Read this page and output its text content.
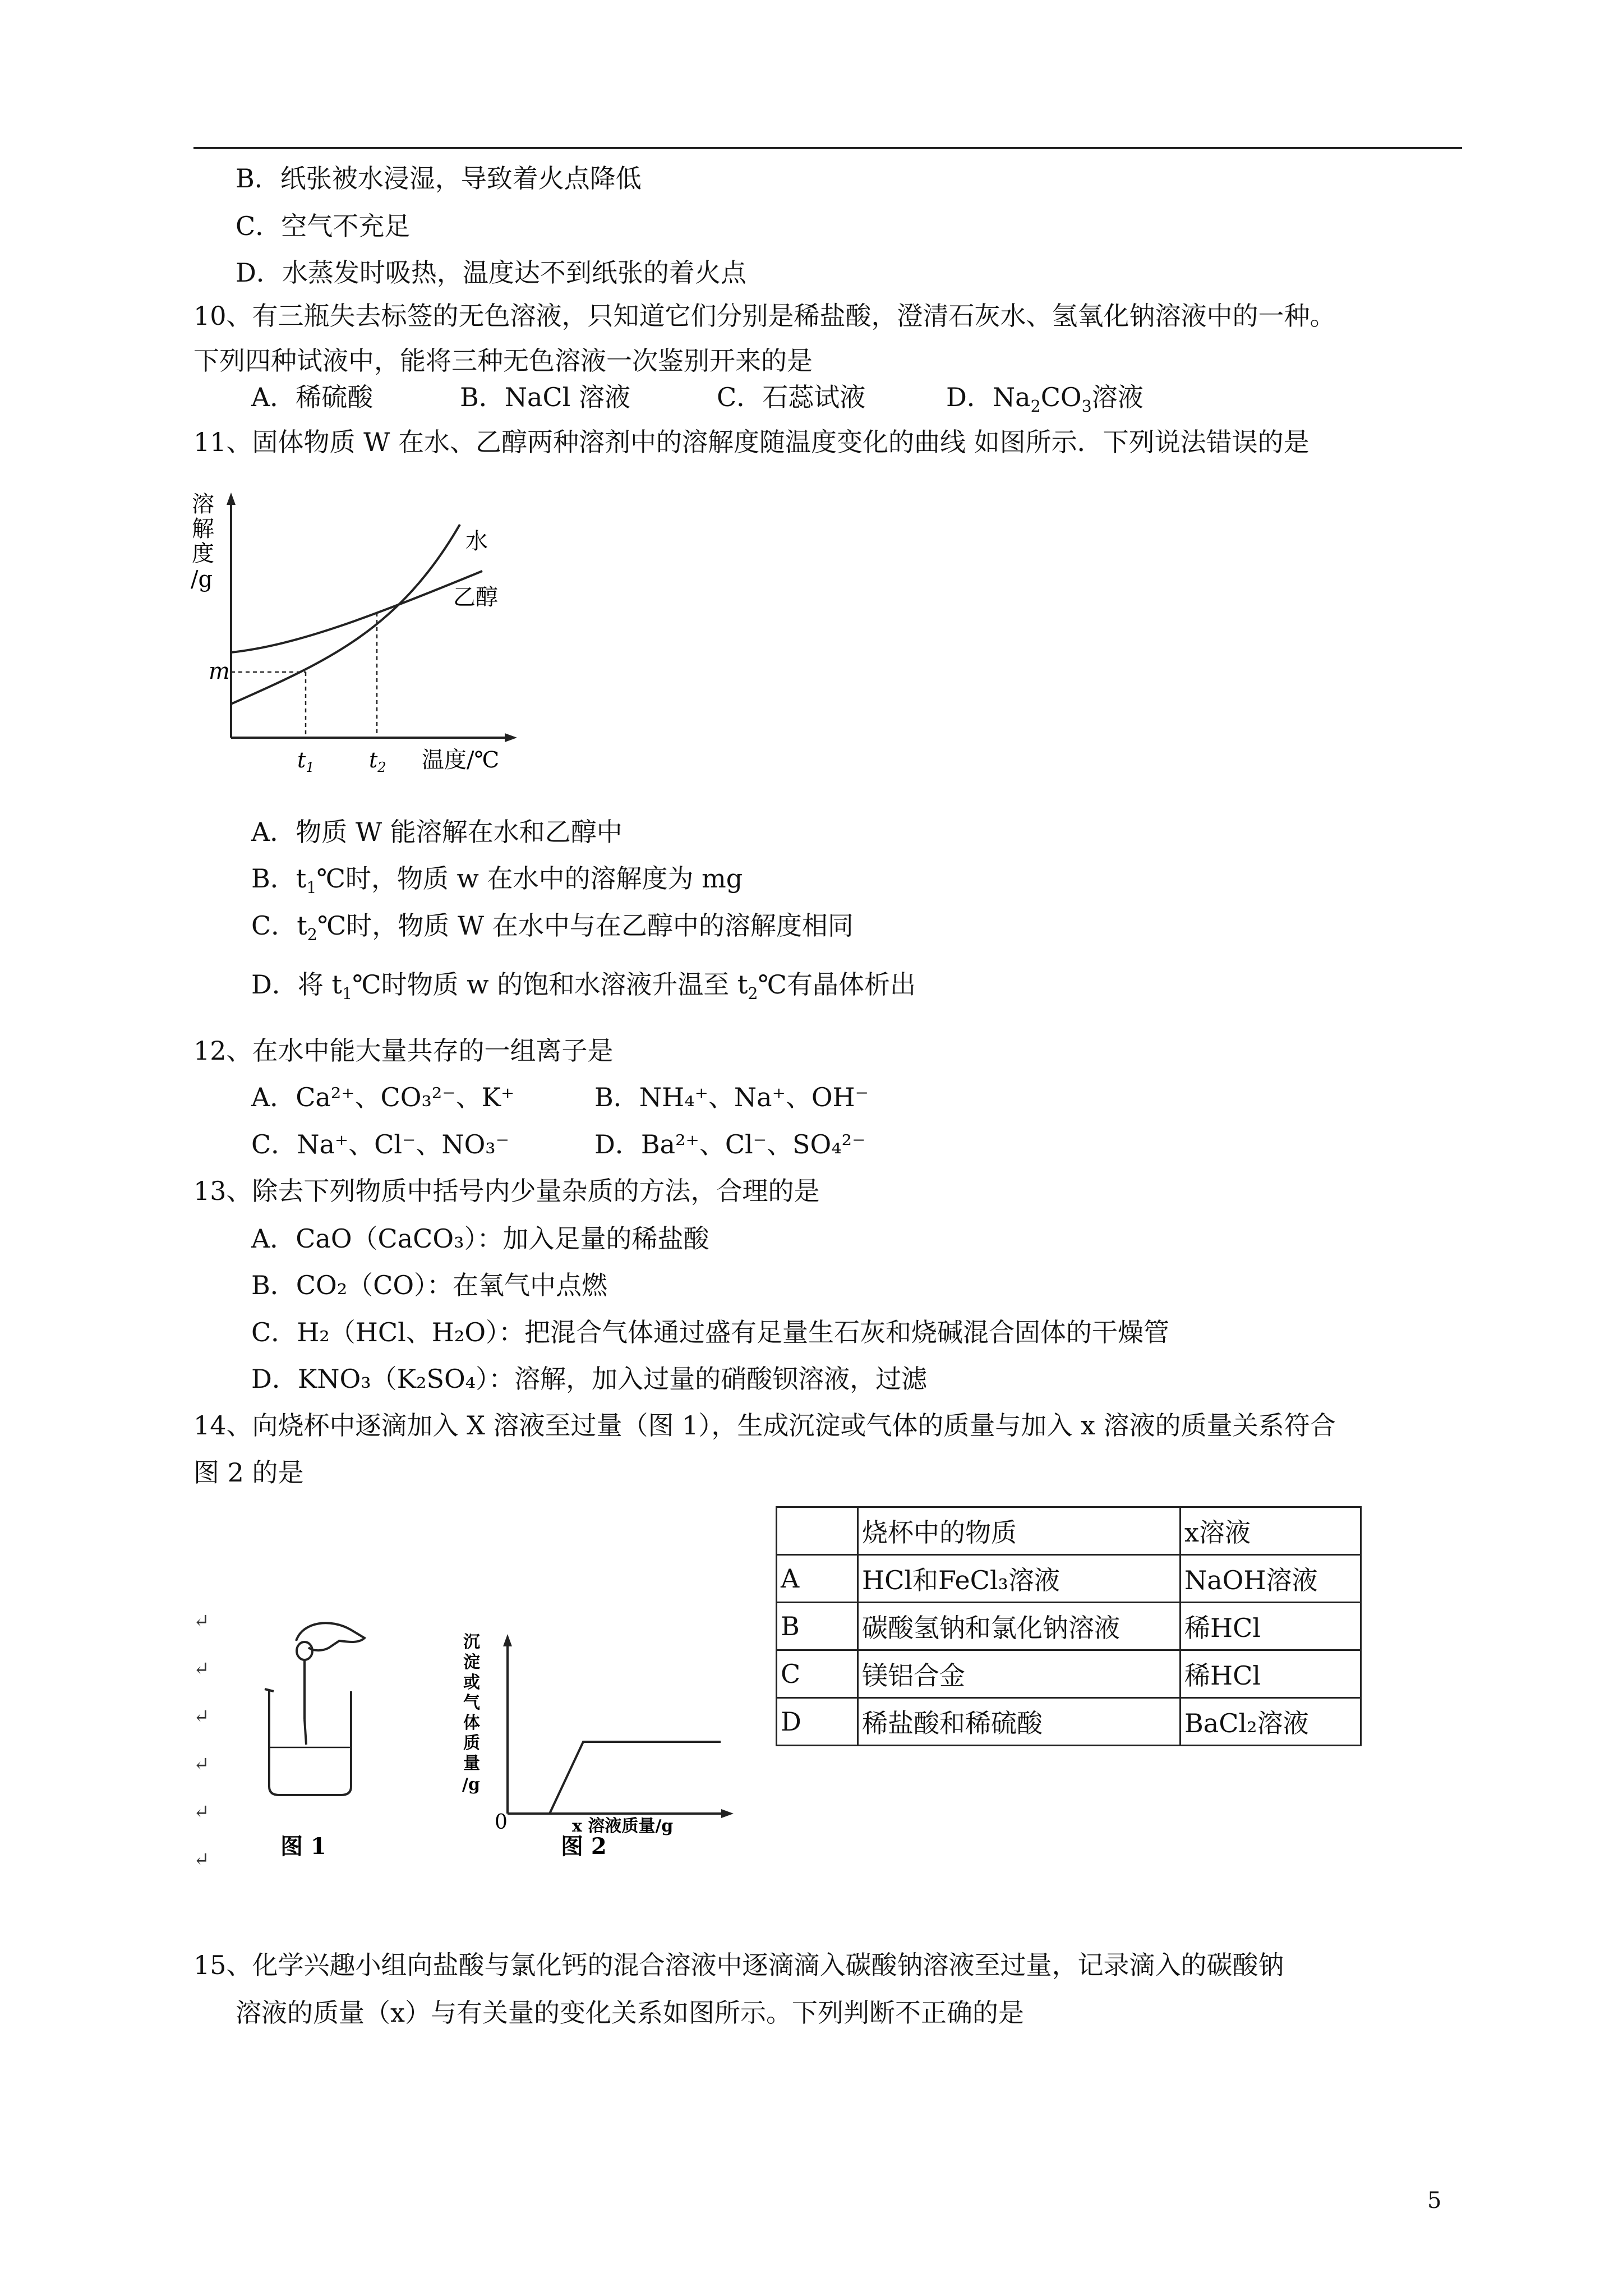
B．纸张被水浸湿，导致着火点降低
C．空气不充足
D．水蒸发时吸热，温度达不到纸张的着火点
10、有三瓶失去标签的无色溶液，只知道它们分别是稀盐酸，澄清石灰水、氢氧化钠溶液中的一种。
下列四种试液中，能将三种无色溶液一次鉴别开来的是
A．稀硫酸	B．NaCl 溶液	C．石蕊试液	D．$Na_2CO_3$溶液
11、固体物质 W 在水、乙醇两种溶剂中的溶解度随温度变化的曲线 如图所示．下列说法错误的是
溶
解
度
/g
水
乙醇
m
$t_1$	$t_2$ 温度/℃
A．物质 W 能溶解在水和乙醇中
B．$t_1℃$时，物质 w 在水中的溶解度为 mg
C．$t_2℃$时，物质 W 在水中与在乙醇中的溶解度相同
D．将 $t_1℃$时物质 w 的饱和水溶液升温至 $t_2℃$有晶体析出
12、在水中能大量共存的一组离子是
A．Ca²⁺、CO₃²⁻、K⁺	B．NH₄⁺、Na⁺、OH⁻
C．Na⁺、Cl⁻、NO₃⁻	D．Ba²⁺、Cl⁻、SO₄²⁻
13、除去下列物质中括号内少量杂质的方法，合理的是
A．CaO（CaCO₃）：加入足量的稀盐酸
B．CO₂（CO）：在氧气中点燃
C．H₂（HCl、H₂O）：把混合气体通过盛有足量生石灰和烧碱混合固体的干燥管
D．KNO₃（K₂SO₄）：溶解，加入过量的硝酸钡溶液，过滤
14、向烧杯中逐滴加入 X 溶液至过量（图 1），生成沉淀或气体的质量与加入 x 溶液的质量关系符合
图 2 的是
↵
↵
↵
↵
↵
↵	图 1
沉
淀
或
气
体
质
量
/g
0	x 溶液质量/g
图 2
	烧杯中的物质	x溶液
A	HCl和FeCl₃溶液	NaOH溶液
B	碳酸氢钠和氯化钠溶液	稀HCl
C	镁铝合金	稀HCl
D	稀盐酸和稀硫酸	BaCl₂溶液
15、化学兴趣小组向盐酸与氯化钙的混合溶液中逐滴滴入碳酸钠溶液至过量，记录滴入的碳酸钠
溶液的质量（x）与有关量的变化关系如图所示。下列判断不正确的是
5
